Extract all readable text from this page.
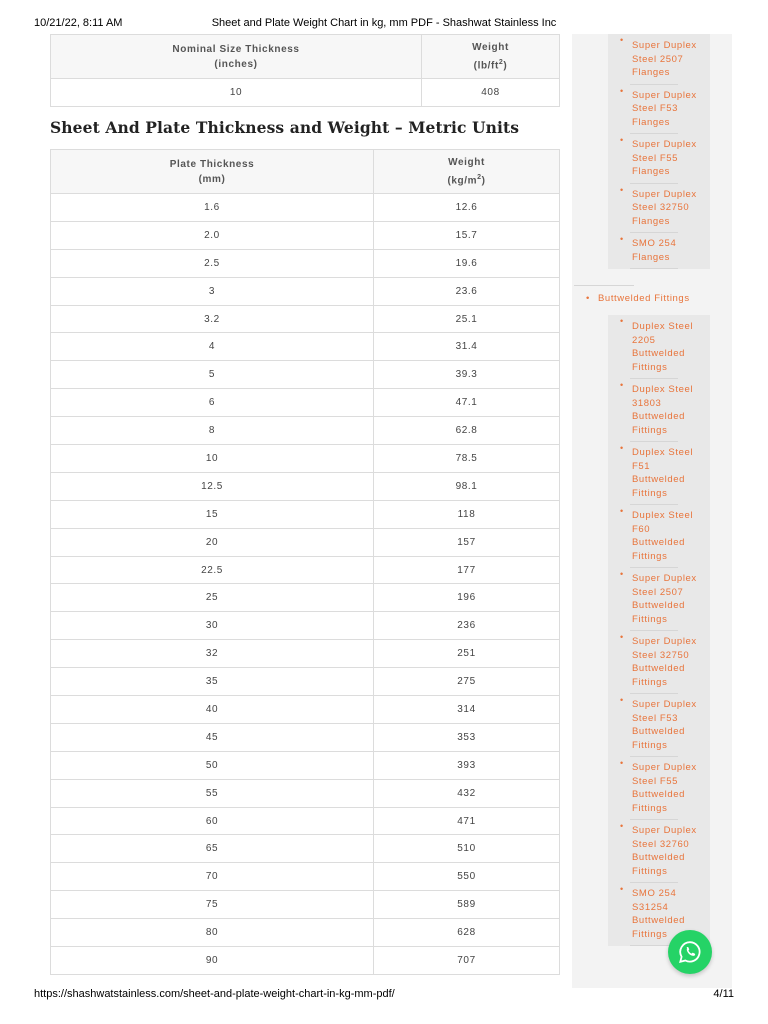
10/21/22, 8:11 AM	Sheet and Plate Weight Chart in kg, mm PDF - Shashwat Stainless Inc
Nominal Size Thickness
(inches)	Weight
$(lb/ft^2)$
10	408
Sheet And Plate Thickness and Weight – Metric Units
Plate Thickness
(mm)	Weight
$(kg/m^2)$
1.6	12.6
2.0	15.7
2.5	19.6
3	23.6
3.2	25.1
4	31.4
5	39.3
6	47.1
8	62.8
10	78.5
12.5	98.1
15	118
20	157
22.5	177
25	196
30	236
32	251
35	275
40	314
45	353
50	393
55	432
60	471
65	510
70	550
75	589
80	628
90	707
• Super Duplex
Steel 2507
Flanges
• Super Duplex
Steel F53
Flanges
• Super Duplex
Steel F55
Flanges
• Super Duplex
Steel 32750
Flanges
• SMO 254
Flanges
• Buttwelded Fittings
• Duplex Steel
2205
Buttwelded
Fittings
• Duplex Steel
31803
Buttwelded
Fittings
• Duplex Steel
F51
Buttwelded
Fittings
• Duplex Steel
F60
Buttwelded
Fittings
• Super Duplex
Steel 2507
Buttwelded
Fittings
• Super Duplex
Steel 32750
Buttwelded
Fittings
• Super Duplex
Steel F53
Buttwelded
Fittings
• Super Duplex
Steel F55
Buttwelded
Fittings
• Super Duplex
Steel 32760
Buttwelded
Fittings
• SMO 254
S31254
Buttwelded
Fittings
https://shashwatstainless.com/sheet-and-plate-weight-chart-in-kg-mm-pdf/	4/11
